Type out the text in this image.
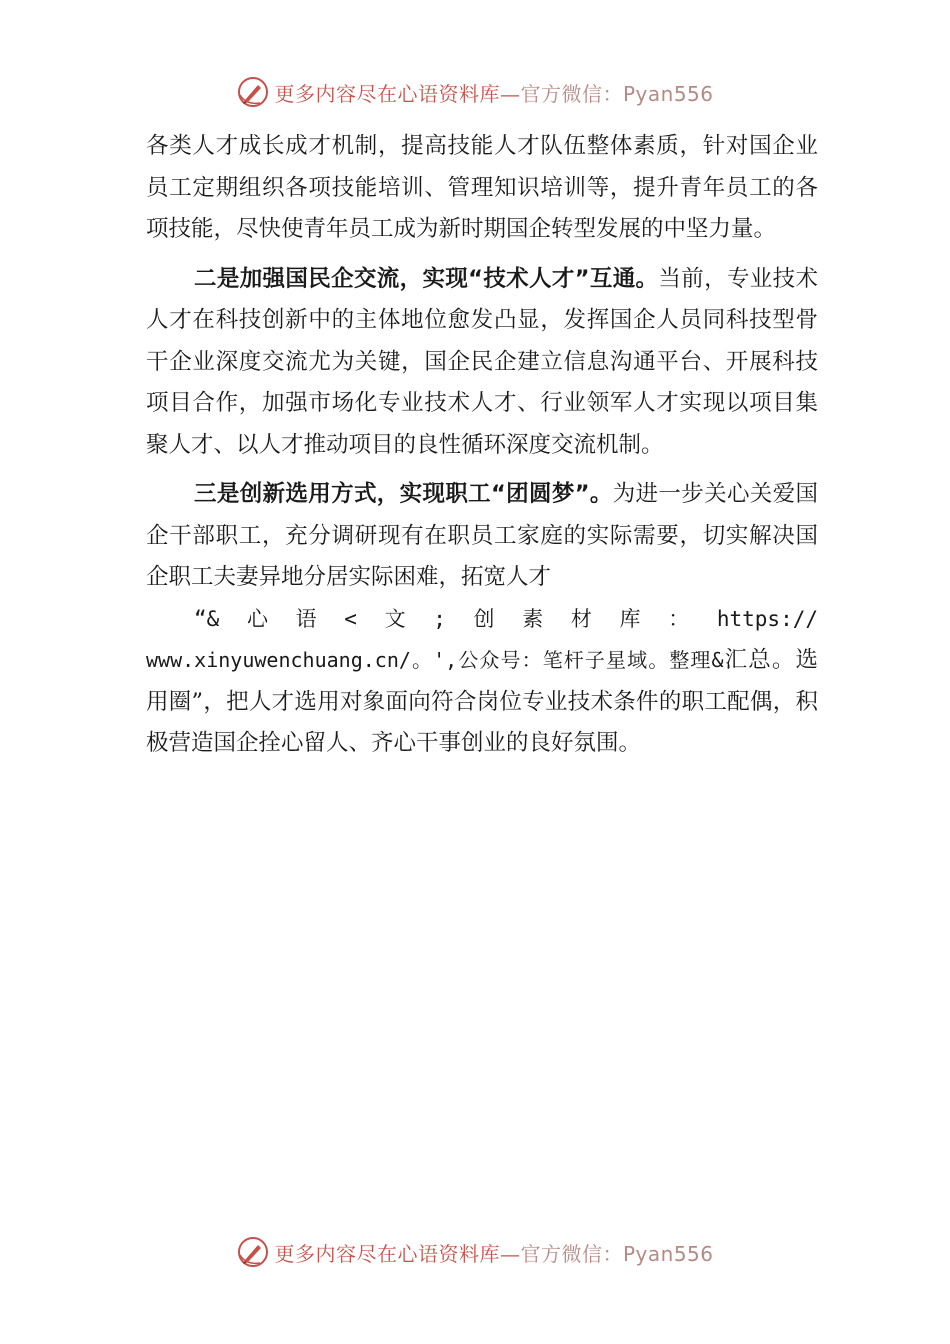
更多内容尽在心语资料库—官方微信：Pyan556

各类人才成长成才机制，提高技能人才队伍整体素质，针对国企业员工定期组织各项技能培训、管理知识培训等，提升青年员工的各项技能，尽快使青年员工成为新时期国企转型发展的中坚力量。

二是加强国民企交流，实现“技术人才”互通。当前，专业技术人才在科技创新中的主体地位愈发凸显，发挥国企人员同科技型骨干企业深度交流尤为关键，国企民企建立信息沟通平台、开展科技项目合作，加强市场化专业技术人才、行业领军人才实现以项目集聚人才、以人才推动项目的良性循环深度交流机制。

三是创新选用方式，实现职工“团圆梦”。为进一步关心关爱国企干部职工，充分调研现有在职员工家庭的实际需要，切实解决国企职工夫妻异地分居实际困难，拓宽人才
“&心语<文;创素材库：https://
www.xinyuwenchuang.cn/。',公众号：笔杆子星域。整理&汇总。选用圈”，把人才选用对象面向符合岗位专业技术条件的职工配偶，积极营造国企拴心留人、齐心干事创业的良好氛围。

更多内容尽在心语资料库—官方微信：Pyan556
